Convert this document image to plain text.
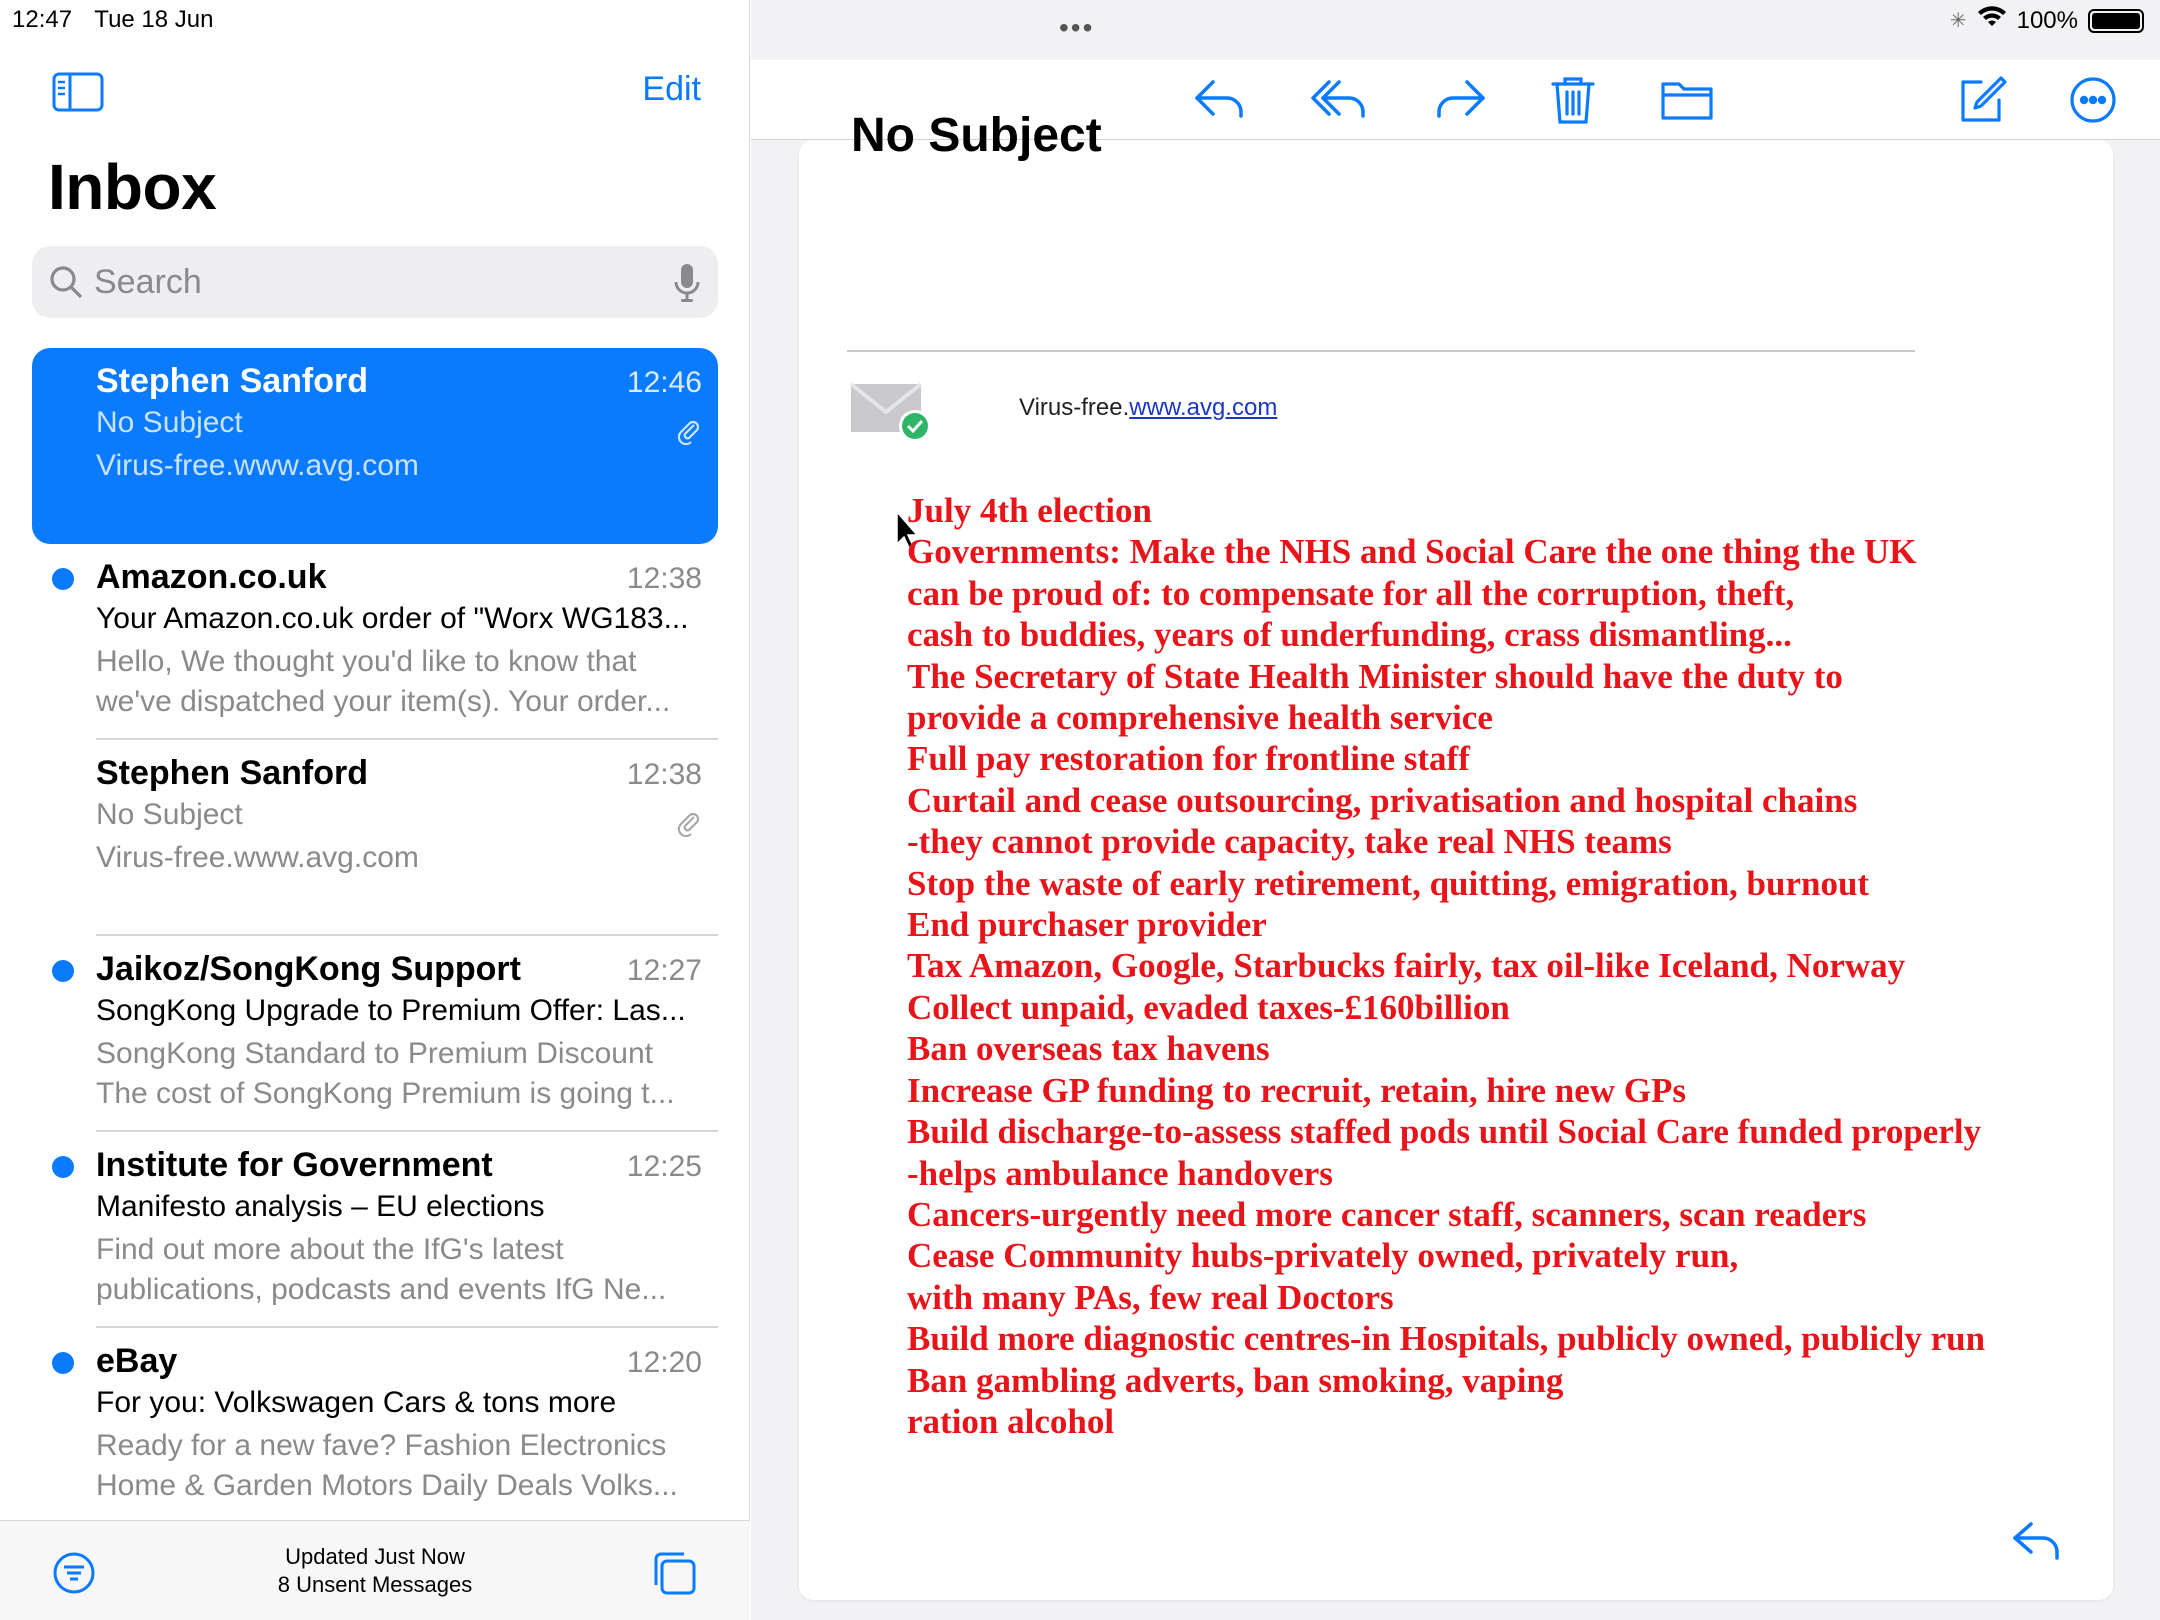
12:47 Tue 18 Jun
Edit
Inbox
Search
Stephen Sanford	12:46
No Subject
Virus-free.www.avg.com
Amazon.co.uk	12:38
Your Amazon.co.uk order of "Worx WG183...
Hello, We thought you'd like to know that
we've dispatched your item(s). Your order...
Stephen Sanford	12:38
No Subject
Virus-free.www.avg.com
Jaikoz/SongKong Support	12:27
SongKong Upgrade to Premium Offer: Las...
SongKong Standard to Premium Discount
The cost of SongKong Premium is going t...
Institute for Government	12:25
Manifesto analysis – EU elections
Find out more about the IfG's latest
publications, podcasts and events IfG Ne...
eBay	12:20
For you: Volkswagen Cars & tons more
Ready for a new fave? Fashion Electronics
Home & Garden Motors Daily Deals Volks...
Updated Just Now
8 Unsent Messages
•••	✳ 100%
No Subject
Virus-free.www.avg.com
July 4th election
Governments: Make the NHS and Social Care the one thing the UK
can be proud of: to compensate for all the corruption, theft,
cash to buddies, years of underfunding, crass dismantling...
The Secretary of State Health Minister should have the duty to
provide a comprehensive health service
Full pay restoration for frontline staff
Curtail and cease outsourcing, privatisation and hospital chains
-they cannot provide capacity, take real NHS teams
Stop the waste of early retirement, quitting, emigration, burnout
End purchaser provider
Tax Amazon, Google, Starbucks fairly, tax oil-like Iceland, Norway
Collect unpaid, evaded taxes-£160billion
Ban overseas tax havens
Increase GP funding to recruit, retain, hire new GPs
Build discharge-to-assess staffed pods until Social Care funded properly
-helps ambulance handovers
Cancers-urgently need more cancer staff, scanners, scan readers
Cease Community hubs-privately owned, privately run,
with many PAs, few real Doctors
Build more diagnostic centres-in Hospitals, publicly owned, publicly run
Ban gambling adverts, ban smoking, vaping
ration alcohol
